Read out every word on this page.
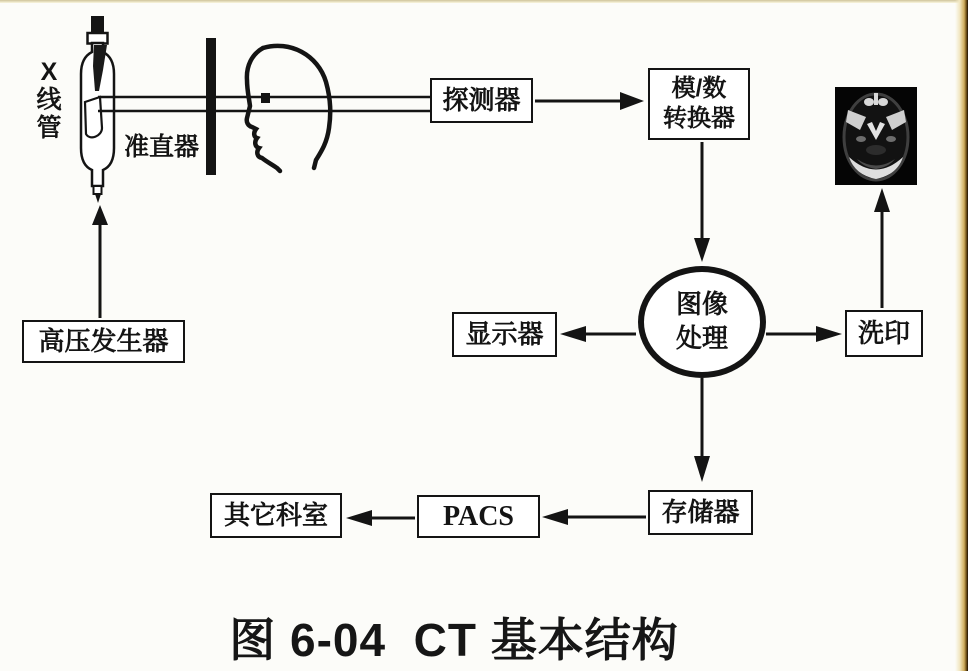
X
线
管
准直器
探测器	模/数
转换器
图像
处理
显示器	洗印
高压发生器
存储器
PACS
其它科室
图 6-04  CT 基本结构
